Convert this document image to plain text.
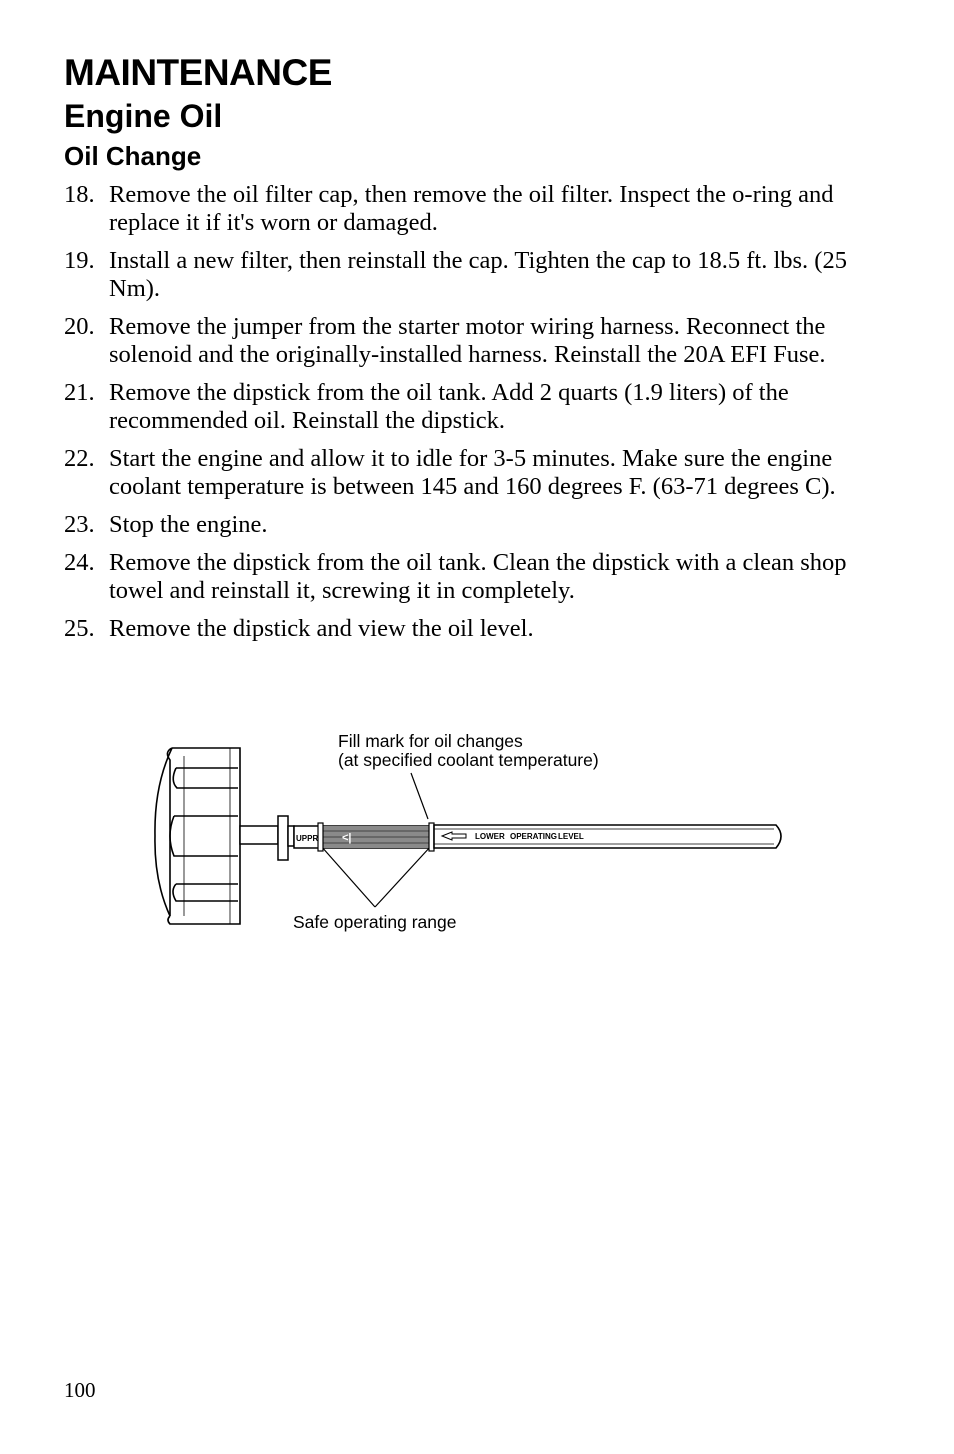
MAINTENANCE
Engine Oil
Oil Change
18. Remove the oil filter cap, then remove the oil filter. Inspect the o-ring and replace it if it's worn or damaged.
19. Install a new filter, then reinstall the cap. Tighten the cap to 18.5 ft. lbs. (25 Nm).
20. Remove the jumper from the starter motor wiring harness. Reconnect the solenoid and the originally-installed harness. Reinstall the 20A EFI Fuse.
21. Remove the dipstick from the oil tank. Add 2 quarts (1.9 liters) of the recommended oil. Reinstall the dipstick.
22. Start the engine and allow it to idle for 3-5 minutes. Make sure the engine coolant temperature is between 145 and 160 degrees F. (63-71 degrees C).
23. Stop the engine.
24. Remove the dipstick from the oil tank. Clean the dipstick with a clean shop towel and reinstall it, screwing it in completely.
25. Remove the dipstick and view the oil level.
Fill mark for oil changes
(at specified coolant temperature)
Safe operating range
UPPR <|	LOWER OPERATING LEVEL
100
